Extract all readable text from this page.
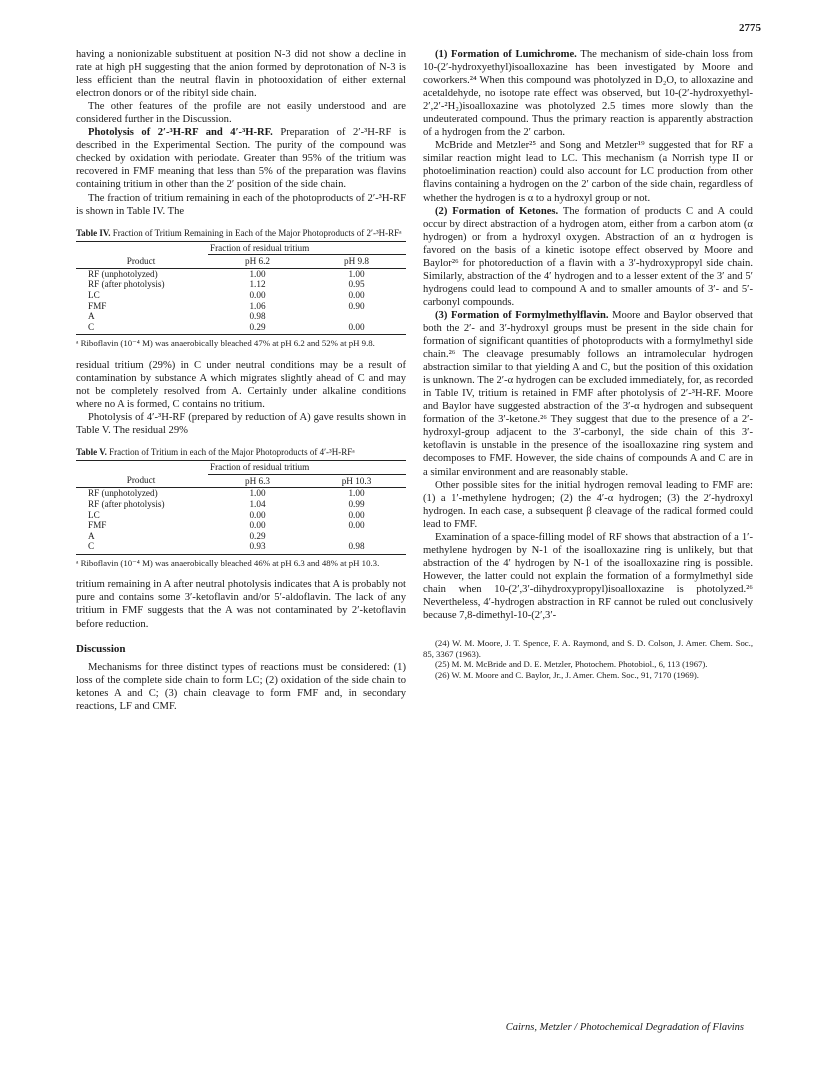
2775

having a nonionizable substituent at position N-3 did not show a decline in rate at high pH suggesting that the anion formed by deprotonation of N-3 is less efficient than the neutral flavin in photooxidation of either external electron donors or of the ribityl side chain.

The other features of the profile are not easily understood and are considered further in the Discussion.

Photolysis of 2′-³H-RF and 4′-³H-RF. Preparation of 2′-³H-RF is described in the Experimental Section. The purity of the compound was checked by oxidation with periodate. Greater than 95% of the tritium was recovered in FMF meaning that less than 5% of the preparation was flavins containing tritium in other than the 2′ position of the side chain.

The fraction of tritium remaining in each of the photoproducts of 2′-³H-RF is shown in Table IV. The

Table IV. Fraction of Tritium Remaining in Each of the Major Photoproducts of 2′-³H-RFᵃ
	Fraction of residual tritium	
Product	pH 6.2	pH 9.8
RF (unphotolyzed)	1.00	1.00
RF (after photolysis)	1.12	0.95
LC	0.00	0.00
FMF	1.06	0.90
A	0.98	
C	0.29	0.00
ᵃ Riboflavin (10⁻⁴ M) was anaerobically bleached 47% at pH 6.2 and 52% at pH 9.8.

residual tritium (29%) in C under neutral conditions may be a result of contamination by substance A which migrates slightly ahead of C and may not be completely resolved from A. Certainly under alkaline conditions where no A is formed, C contains no tritium.

Photolysis of 4′-³H-RF (prepared by reduction of A) gave results shown in Table V. The residual 29%

Table V. Fraction of Tritium in each of the Major Photoproducts of 4′-³H-RFᵃ
	Fraction of residual tritium	
Product	pH 6.3	pH 10.3
RF (unphotolyzed)	1.00	1.00
RF (after photolysis)	1.04	0.99
LC	0.00	0.00
FMF	0.00	0.00
A	0.29	
C	0.93	0.98
ᵃ Riboflavin (10⁻⁴ M) was anaerobically bleached 46% at pH 6.3 and 48% at pH 10.3.

tritium remaining in A after neutral photolysis indicates that A is probably not pure and contains some 3′-ketoflavin and/or 5′-aldoflavin. The lack of any tritium in FMF suggests that the A was not contaminated by 2′-ketoflavin before reduction.

Discussion

Mechanisms for three distinct types of reactions must be considered: (1) loss of the complete side chain to form LC; (2) oxidation of the side chain to ketones A and C; (3) chain cleavage to form FMF and, in secondary reactions, LF and CMF.

(1) Formation of Lumichrome. The mechanism of side-chain loss from 10-(2′-hydroxyethyl)isoalloxazine has been investigated by Moore and coworkers.²⁴ When this compound was photolyzed in D₂O, to alloxazine and acetaldehyde, no isotope rate effect was observed, but 10-(2′-hydroxyethyl-2′,2′-²H₂)isoalloxazine was photolyzed 2.5 times more slowly than the undeuterated compound. Thus the primary reaction is apparently abstraction of a hydrogen from the 2′ carbon.

McBride and Metzler²⁵ and Song and Metzler¹⁹ suggested that for RF a similar reaction might lead to LC. This mechanism (a Norrish type II or photoelimination reaction) could also account for LC production from other flavins containing a hydrogen on the 2′ carbon of the side chain, regardless of whether the hydrogen is α to a hydroxyl group or not.

(2) Formation of Ketones. The formation of products C and A could occur by direct abstraction of a hydrogen atom, either from a carbon atom (α hydrogen) or from a hydroxyl oxygen. Abstraction of an α hydrogen is favored on the basis of a kinetic isotope effect observed by Moore and Baylor²⁶ for photoreduction of a flavin with a 3′-hydroxypropyl side chain. Similarly, abstraction of the 4′ hydrogen and to a lesser extent of the 3′ and 5′ hydrogens could lead to compound A and to smaller amounts of 3′- and 5′-carbonyl compounds.

(3) Formation of Formylmethylflavin. Moore and Baylor observed that both the 2′- and 3′-hydroxyl groups must be present in the side chain for formation of significant quantities of photoproducts with a formylmethyl side chain.²⁶ The cleavage presumably follows an intramolecular hydrogen abstraction similar to that yielding A and C, but the position of this oxidation is unknown. The 2′-α hydrogen can be excluded immediately, for, as recorded in Table IV, tritium is retained in FMF after photolysis of 2′-³H-RF. Moore and Baylor have suggested abstraction of the 3′-α hydrogen and subsequent formation of the 3′-ketone.²⁶ They suggest that due to the presence of a 2′-hydroxyl-group adjacent to the 3′-carbonyl, the side chain of this 3′-ketoflavin is unstable in the presence of the isoalloxazine ring system and decomposes to FMF. However, the side chains of compounds A and C are in a similar environment and are reasonably stable.

Other possible sites for the initial hydrogen removal leading to FMF are: (1) a 1′-methylene hydrogen; (2) the 4′-α hydrogen; (3) the 2′-hydroxyl hydrogen. In each case, a subsequent β cleavage of the radical formed could lead to FMF.

Examination of a space-filling model of RF shows that abstraction of a 1′-methylene hydrogen by N-1 of the isoalloxazine ring is unlikely, but that abstraction of the 4′ hydrogen by N-1 of the isoalloxazine ring is possible. However, the latter could not explain the formation of a formylmethyl side chain when 10-(2′,3′-dihydroxypropyl)isoalloxazine is photolyzed.²⁶ Nevertheless, 4′-hydrogen abstraction in RF cannot be ruled out conclusively because 7,8-dimethyl-10-(2′,3′-

(24) W. M. Moore, J. T. Spence, F. A. Raymond, and S. D. Colson, J. Amer. Chem. Soc., 85, 3367 (1963).

(25) M. M. McBride and D. E. Metzler, Photochem. Photobiol., 6, 113 (1967).

(26) W. M. Moore and C. Baylor, Jr., J. Amer. Chem. Soc., 91, 7170 (1969).

Cairns, Metzler / Photochemical Degradation of Flavins
